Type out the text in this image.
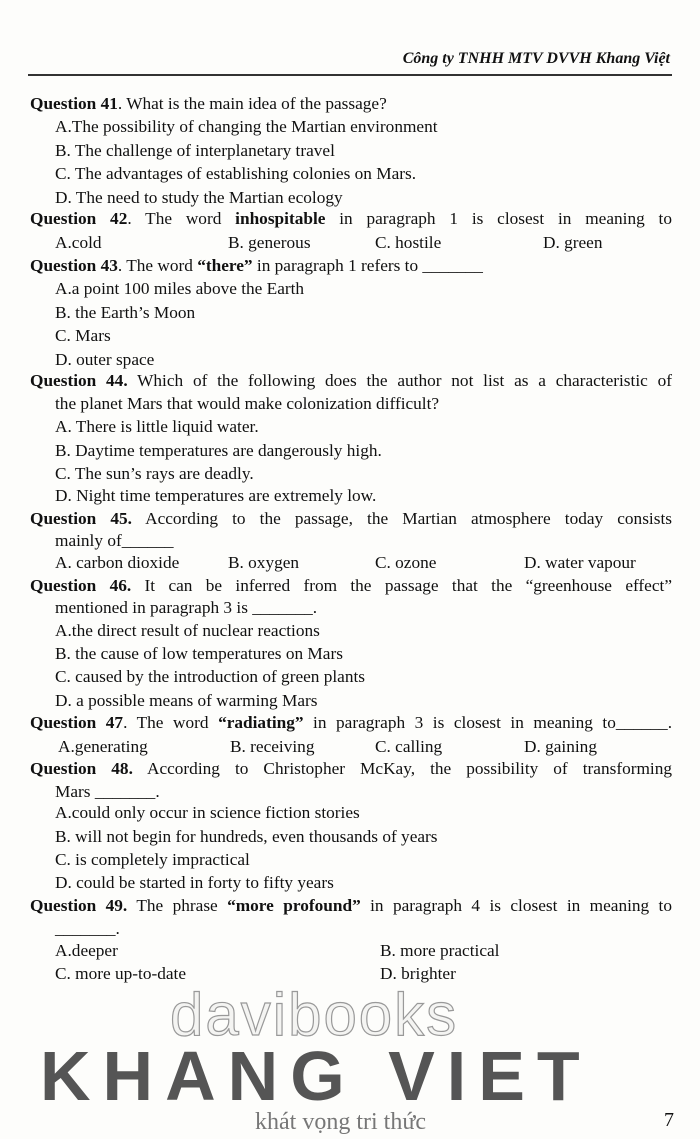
Công ty TNHH MTV DVVH Khang Việt
Question 41. What is the main idea of the passage?
A.The possibility of changing the Martian environment
B. The challenge of interplanetary travel
C. The advantages of establishing colonies on Mars.
D. The need to study the Martian ecology
Question 42. The word inhospitable in paragraph 1 is closest in meaning to
A.cold	B. generous	C. hostile	D. green
Question 43. The word “there” in paragraph 1 refers to _______
A.a point 100 miles above the Earth
B. the Earth’s Moon
C. Mars
D. outer space
Question 44. Which of the following does the author not list as a characteristic of
the planet Mars that would make colonization difficult?
A. There is little liquid water.
B. Daytime temperatures are dangerously high.
C. The sun’s rays are deadly.
D. Night time temperatures are extremely low.
Question 45. According to the passage, the Martian atmosphere today consists
mainly of______
A. carbon dioxide	B. oxygen	C. ozone	D. water vapour
Question 46. It can be inferred from the passage that the “greenhouse effect”
mentioned in paragraph 3 is _______.
A.the direct result of nuclear reactions
B. the cause of low temperatures on Mars
C. caused by the introduction of green plants
D. a possible means of warming Mars
Question 47. The word “radiating” in paragraph 3 is closest in meaning to______.
A.generating	B. receiving	C. calling	D. gaining
Question 48. According to Christopher McKay, the possibility of transforming
Mars _______.
A.could only occur in science fiction stories
B. will not begin for hundreds, even thousands of years
C. is completely impractical
D. could be started in forty to fifty years
Question 49. The phrase “more profound” in paragraph 4 is closest in meaning to
_______.
A.deeper	B. more practical
C. more up-to-date	D. brighter
davibooks
KHANG VIET
khát vọng tri thức	7
